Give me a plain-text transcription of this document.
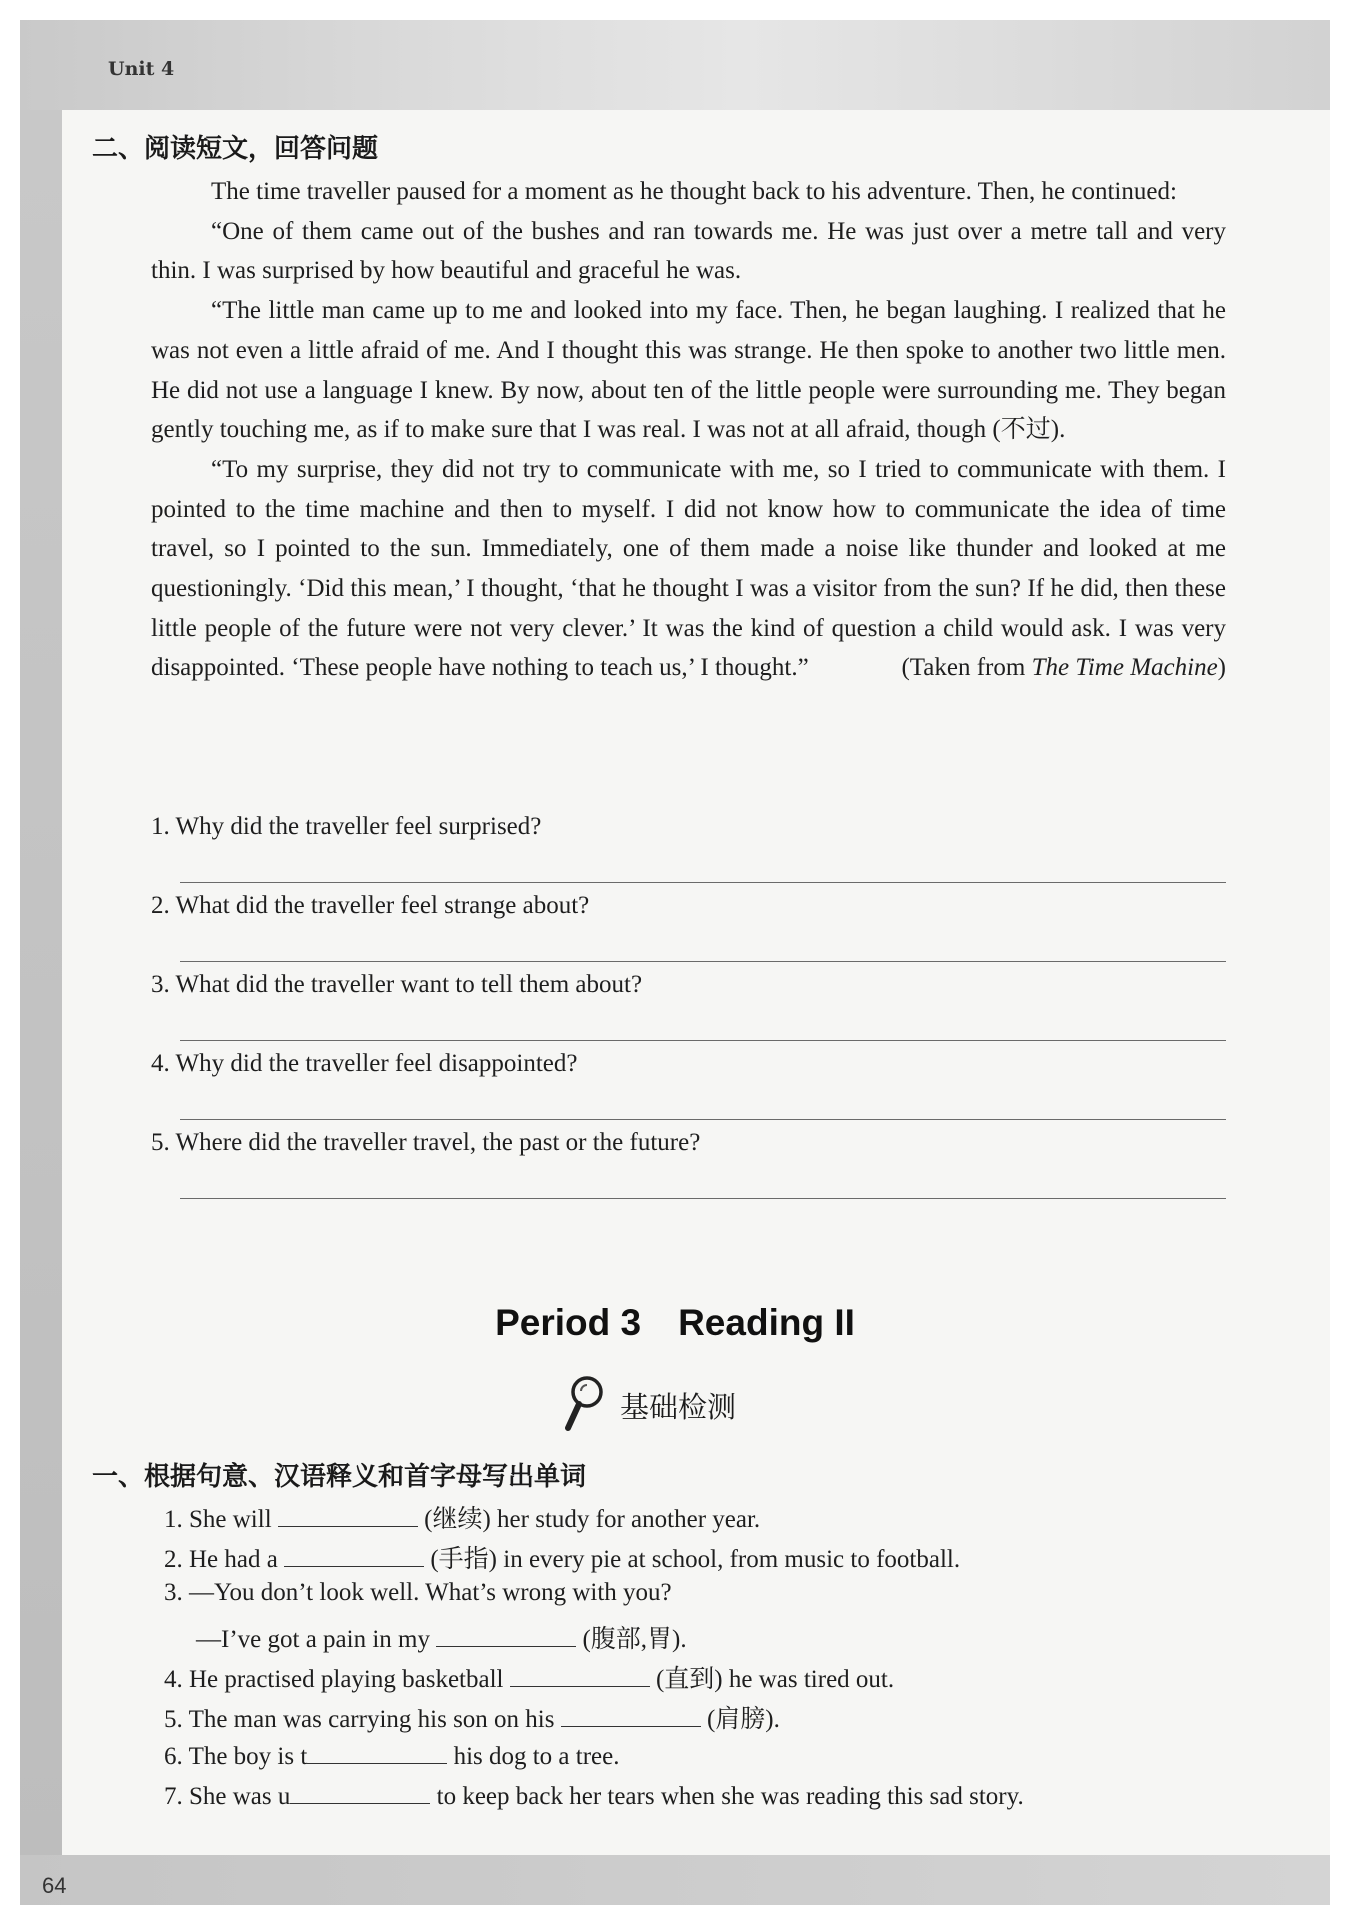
Unit 4
64
二、阅读短文，回答问题

The time traveller paused for a moment as he thought back to his adventure. Then, he continued:

“One of them came out of the bushes and ran towards me. He was just over a metre tall and very thin. I was surprised by how beautiful and graceful he was.

“The little man came up to me and looked into my face. Then, he began laughing. I realized that he was not even a little afraid of me. And I thought this was strange. He then spoke to another two little men. He did not use a language I knew. By now, about ten of the little people were surrounding me. They began gently touching me, as if to make sure that I was real. I was not at all afraid, though (不过).

“To my surprise, they did not try to communicate with me, so I tried to communicate with them. I pointed to the time machine and then to myself. I did not know how to communicate the idea of time travel, so I pointed to the sun. Immediately, one of them made a noise like thunder and looked at me questioningly. ‘Did this mean,’ I thought, ‘that he thought I was a visitor from the sun? If he did, then these little people of the future were not very clever.’ It was the kind of question a child would ask. I was very disappointed. ‘These people have nothing to teach us,’ I thought.”	(Taken from The Time Machine)

1. Why did the traveller feel surprised?
2. What did the traveller feel strange about?
3. What did the traveller want to tell them about?
4. Why did the traveller feel disappointed?
5. Where did the traveller travel, the past or the future?
Period 3　Reading II
基础检测
一、根据句意、汉语释义和首字母写出单词
1. She will	(继续) her study for another year.
2. He had a	(手指) in every pie at school, from music to football.
3. —You don’t look well. What’s wrong with you?
—I’ve got a pain in my	(腹部,胃).
4. He practised playing basketball	(直到) he was tired out.
5. The man was carrying his son on his	(肩膀).
6. The boy is t	his dog to a tree.
7. She was u	to keep back her tears when she was reading this sad story.
